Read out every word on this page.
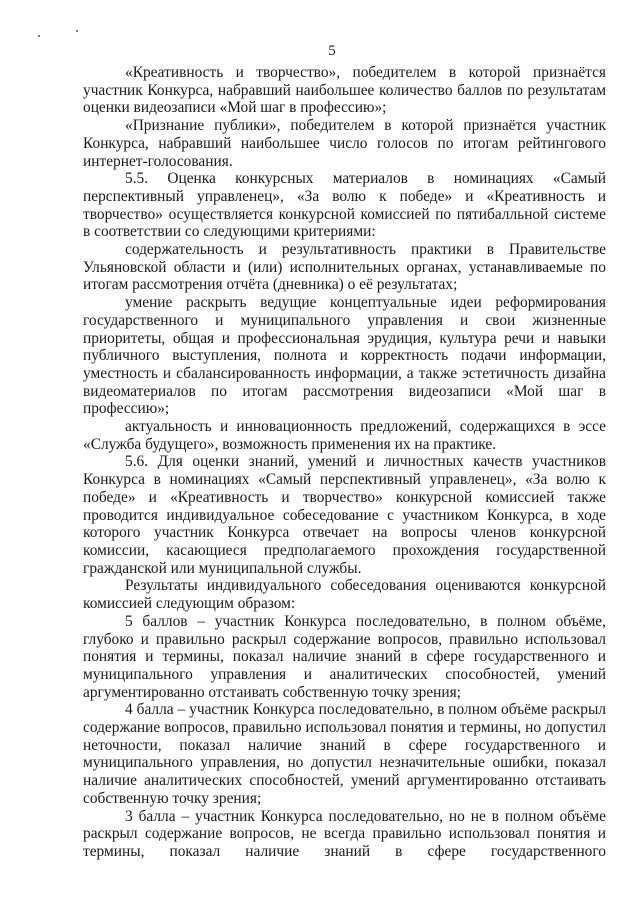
5

«Креативность и творчество», победителем в которой признаётся участник Конкурса, набравший наибольшее количество баллов по результатам оценки видеозаписи «Мой шаг в профессию»;

«Признание публики», победителем в которой признаётся участник Конкурса, набравший наибольшее число голосов по итогам рейтингового интернет-голосования.

5.5. Оценка конкурсных материалов в номинациях «Самый перспективный управленец», «За волю к победе» и «Креативность и творчество» осуществляется конкурсной комиссией по пятибалльной системе в соответствии со следующими критериями:

содержательность и результативность практики в Правительстве Ульяновской области и (или) исполнительных органах, устанавливаемые по итогам рассмотрения отчёта (дневника) о её результатах;

умение раскрыть ведущие концептуальные идеи реформирования государственного и муниципального управления и свои жизненные приоритеты, общая и профессиональная эрудиция, культура речи и навыки публичного выступления, полнота и корректность подачи информации, уместность и сбалансированность информации, а также эстетичность дизайна видеоматериалов по итогам рассмотрения видеозаписи «Мой шаг в профессию»;

актуальность и инновационность предложений, содержащихся в эссе «Служба будущего», возможность применения их на практике.

5.6. Для оценки знаний, умений и личностных качеств участников Конкурса в номинациях «Самый перспективный управленец», «За волю к победе» и «Креативность и творчество» конкурсной комиссией также проводится индивидуальное собеседование с участником Конкурса, в ходе которого участник Конкурса отвечает на вопросы членов конкурсной комиссии, касающиеся предполагаемого прохождения государственной гражданской или муниципальной службы.

Результаты индивидуального собеседования оцениваются конкурсной комиссией следующим образом:

5 баллов – участник Конкурса последовательно, в полном объёме, глубоко и правильно раскрыл содержание вопросов, правильно использовал понятия и термины, показал наличие знаний в сфере государственного и муниципального управления и аналитических способностей, умений аргументированно отстаивать собственную точку зрения;

4 балла – участник Конкурса последовательно, в полном объёме раскрыл содержание вопросов, правильно использовал понятия и термины, но допустил неточности, показал наличие знаний в сфере государственного и муниципального управления, но допустил незначительные ошибки, показал наличие аналитических способностей, умений аргументированно отстаивать собственную точку зрения;

3 балла – участник Конкурса последовательно, но не в полном объёме раскрыл содержание вопросов, не всегда правильно использовал понятия и термины, показал наличие знаний в сфере государственного
